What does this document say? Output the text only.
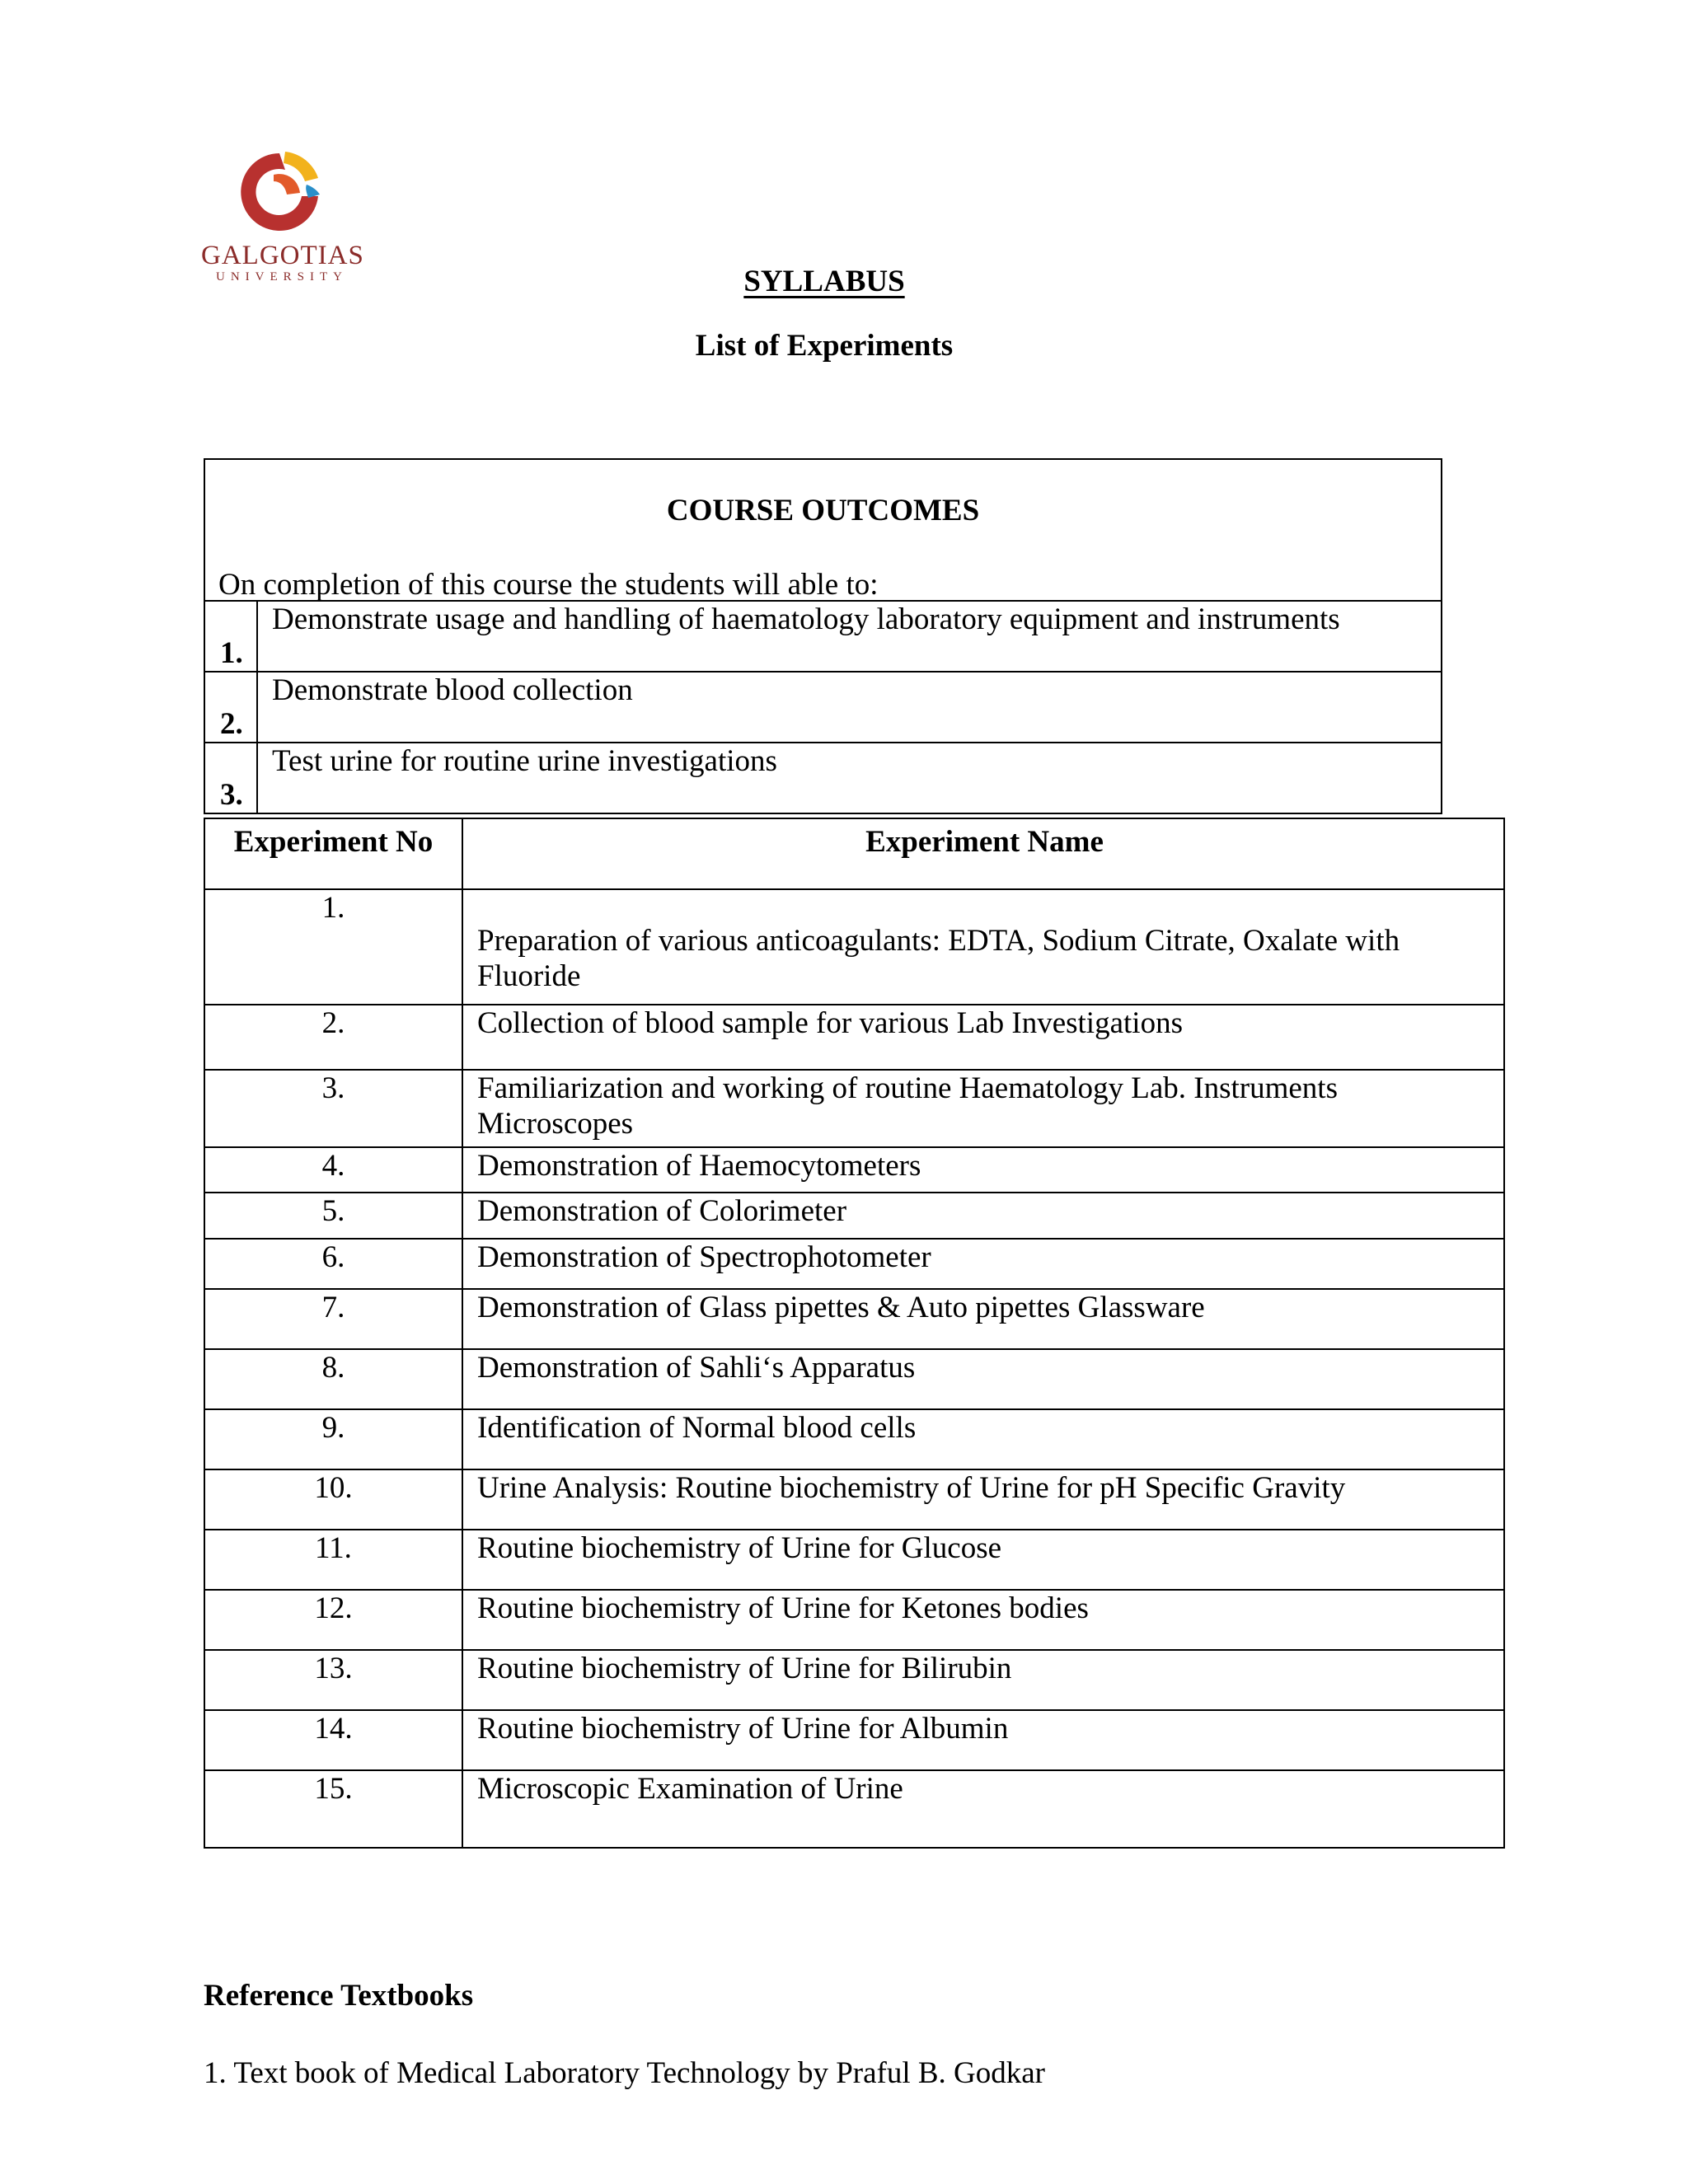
GALGOTIAS
UNIVERSITY	SYLLABUS
List of Experiments
COURSE OUTCOMES
On completion of this course the students will able to:	

1.	Demonstrate usage and handling of haematology laboratory equipment and instruments

2.	Demonstrate blood collection

3.	Test urine for routine urine investigations
Experiment No	Experiment Name
1.	Preparation of various anticoagulants: EDTA, Sodium Citrate, Oxalate with Fluoride
2.	Collection of blood sample for various Lab Investigations
3.	Familiarization and working of routine Haematology Lab. Instruments Microscopes
4.	Demonstration of Haemocytometers
5.	Demonstration of Colorimeter
6.	Demonstration of Spectrophotometer
7.	Demonstration of Glass pipettes & Auto pipettes Glassware
8.	Demonstration of Sahli‘s Apparatus
9.	Identification of Normal blood cells
10.	Urine Analysis: Routine biochemistry of Urine for pH Specific Gravity
11.	Routine biochemistry of Urine for Glucose
12.	Routine biochemistry of Urine for Ketones bodies
13.	Routine biochemistry of Urine for Bilirubin
14.	Routine biochemistry of Urine for Albumin
15.	Microscopic Examination of Urine
Reference Textbooks
1. Text book of Medical Laboratory Technology by Praful B. Godkar
